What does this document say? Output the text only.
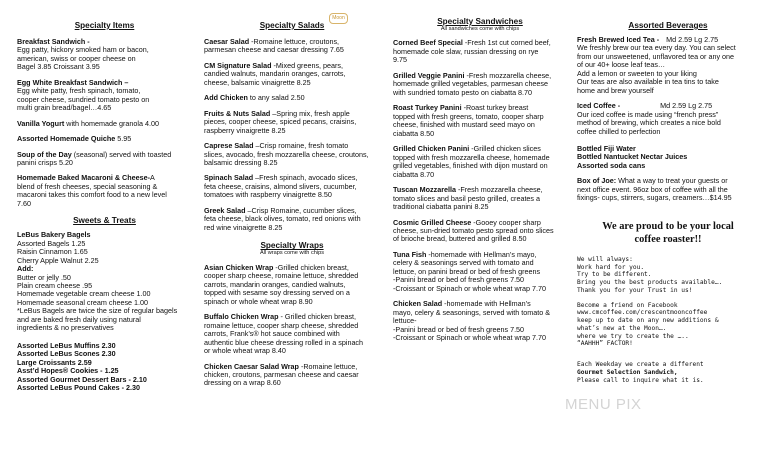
Specialty Items
Breakfast Sandwich -
Egg patty, hickory smoked ham or bacon,
american, swiss or cooper cheese on
Bagel 3.85 Croissant 3.95
Egg White Breakfast Sandwich –
Egg white patty, fresh spinach, tomato,
cooper cheese, sundried tomato pesto on
multi grain bread/bagel…4.65
Vanilla Yogurt with homemade granola 4.00
Assorted Homemade Quiche 5.95
Soup of the Day (seasonal) served with toasted
panini crisps 5.20
Homemade Baked Macaroni & Cheese-A
blend of fresh cheeses, special seasoning &
macaroni takes this comfort food to a new level
7.60
Sweets & Treats
LeBus Bakery Bagels
Assorted Bagels 1.25
Raisin Cinnamon 1.65
Cherry Apple Walnut 2.25
Add:
Butter or jelly .50
Plain cream cheese .95
Homemade vegetable cream cheese 1.00
Homemade seasonal cream cheese 1.00
*LeBus Bagels are twice the size of regular bagels
and are baked fresh daily using natural
ingredients & no preservatives
Assorted LeBus Muffins 2.30
Assorted LeBus Scones 2.30
Large Croissants 2.59
Asst’d Hopes® Cookies - 1.25
Assorted Gourmet Dessert Bars - 2.10
Assorted LeBus Pound Cakes - 2.30
Specialty Salads
Caesar Salad -Romaine lettuce, croutons,
parmesan cheese and caesar dressing 7.65
CM Signature Salad -Mixed greens, pears,
candied walnuts, mandarin oranges, carrots,
cheese, balsamic vinaigrette 8.25
Add Chicken to any salad 2.50
Fruits & Nuts Salad –Spring mix, fresh apple
pieces, cooper cheese, spiced pecans, craisins,
raspberry vinaigrette 8.25
Caprese Salad –Crisp romaine, fresh tomato
slices, avocado, fresh mozzarella cheese, croutons,
balsamic dressing 8.25
Spinach Salad –Fresh spinach, avocado slices,
feta cheese, craisins, almond slivers, cucumber,
tomatoes with raspberry vinaigrette 8.50
Greek Salad –Crisp Romaine, cucumber slices,
feta cheese, black olives, tomato, red onions with
red wine vinaigrette 8.25
Specialty Wraps
All wraps come with chips
Asian Chicken Wrap -Grilled chicken breast,
cooper sharp cheese, romaine lettuce, shredded
carrots, mandarin oranges, candied walnuts,
topped with sesame soy dressing served on a
spinach or whole wheat wrap 8.90
Buffalo Chicken Wrap - Grilled chicken breast,
romaine lettuce, cooper sharp cheese, shredded
carrots, Frank’s® hot sauce combined with
authentic blue cheese dressing rolled in a spinach
or whole wheat wrap 8.40
Chicken Caesar Salad Wrap -Romaine lettuce,
chicken, croutons, parmesan cheese and caesar
dressing on a wrap 8.60
Moon	Specialty Sandwiches
All sandwiches come with chips
Corned Beef Special -Fresh 1st cut corned beef,
homemade cole slaw, russian dressing on rye
9.75
Grilled Veggie Panini -Fresh mozzarella cheese,
homemade grilled vegetables, parmesan cheese
with sundried tomato pesto on ciabatta 8.70
Roast Turkey Panini -Roast turkey breast
topped with fresh greens, tomato, cooper sharp
cheese, finished with mustard seed mayo on
ciabatta 8.50
Grilled Chicken Panini -Grilled chicken slices
topped with fresh mozzarella cheese, homemade
grilled vegetables, finished with dijon mustard on
ciabatta 8.70
Tuscan Mozzarella -Fresh mozzarella cheese,
tomato slices and basil pesto grilled, creates a
traditional ciabatta panini 8.25
Cosmic Grilled Cheese -Gooey cooper sharp
cheese, sun-dried tomato pesto spread onto slices
of brioche bread, buttered and grilled 8.50
Tuna Fish -homemade with Hellman’s mayo,
celery & seasonings served with tomato and
lettuce, on panini bread or bed of fresh greens
-Panini bread or bed of fresh greens 7.50
-Croissant or Spinach or whole wheat wrap 7.70
Chicken Salad -homemade with Hellman’s
mayo, celery & seasonings, served with tomato &
lettuce-
-Panini bread or bed of fresh greens 7.50
-Croissant or Spinach or whole wheat wrap 7.70
Assorted Beverages
Fresh Brewed Iced Tea - Md 2.59 Lg 2.75
We freshly brew our tea every day. You can select
from our unsweetened, unflavored tea or any one
of our 40+ loose leaf teas…
Add a lemon or sweeten to your liking
Our teas are also available in tea tins to take
home and brew yourself
Iced Coffee -	Md 2.59 Lg 2.75
Our iced coffee is made using “french press”
method of brewing, which creates a nice bold
coffee chilled to perfection
Bottled Fiji Water
Bottled Nantucket Nectar Juices
Assorted soda cans
Box of Joe: What a way to treat your guests or
next office event. 96oz box of coffee with all the
fixings- cups, stirrers, sugars, creamers…$14.95
We are proud to be your local
coffee roaster!!
We will always:
Work hard for you.
Try to be different.
Bring you the best products available….
Thank you for your Trust in us!
Become a friend on Facebook
www.cmcoffee.com/crescentmooncoffee
keep up to date on any new additions &
what’s new at the Moon….
where we try to create the …..
“AAHHH” FACTOR!
Each Weekday we create a different
Gourmet Selection Sandwich,
Please call to inquire what it is.
MENU PIX
